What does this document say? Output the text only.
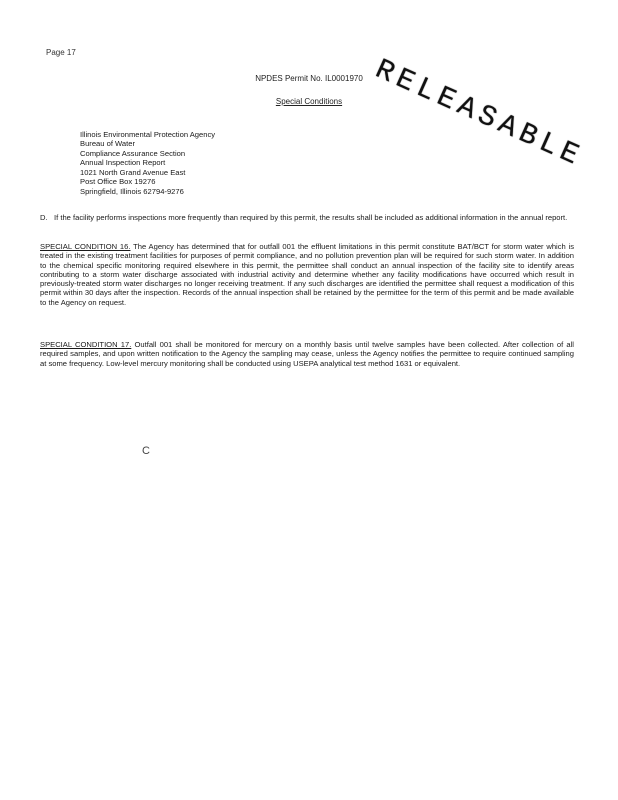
Page 17
NPDES Permit No. IL0001970
Special Conditions RELEASABLE
Illinois Environmental Protection Agency
Bureau of Water
Compliance Assurance Section
Annual Inspection Report
1021 North Grand Avenue East
Post Office Box 19276
Springfield, Illinois 62794-9276
D. If the facility performs inspections more frequently than required by this permit, the results shall be included as additional information in the annual report.
SPECIAL CONDITION 16. The Agency has determined that for outfall 001 the effluent limitations in this permit constitute BAT/BCT for storm water which is treated in the existing treatment facilities for purposes of permit compliance, and no pollution prevention plan will be required for such storm water. In addition to the chemical specific monitoring required elsewhere in this permit, the permittee shall conduct an annual inspection of the facility site to identify areas contributing to a storm water discharge associated with industrial activity and determine whether any facility modifications have occurred which result in previously-treated storm water discharges no longer receiving treatment. If any such discharges are identified the permittee shall request a modification of this permit within 30 days after the inspection. Records of the annual inspection shall be retained by the permittee for the term of this permit and be made available to the Agency on request.
SPECIAL CONDITION 17. Outfall 001 shall be monitored for mercury on a monthly basis until twelve samples have been collected. After collection of all required samples, and upon written notification to the Agency the sampling may cease, unless the Agency notifies the permittee to require continued sampling at some frequency. Low-level mercury monitoring shall be conducted using USEPA analytical test method 1631 or equivalent.
C
